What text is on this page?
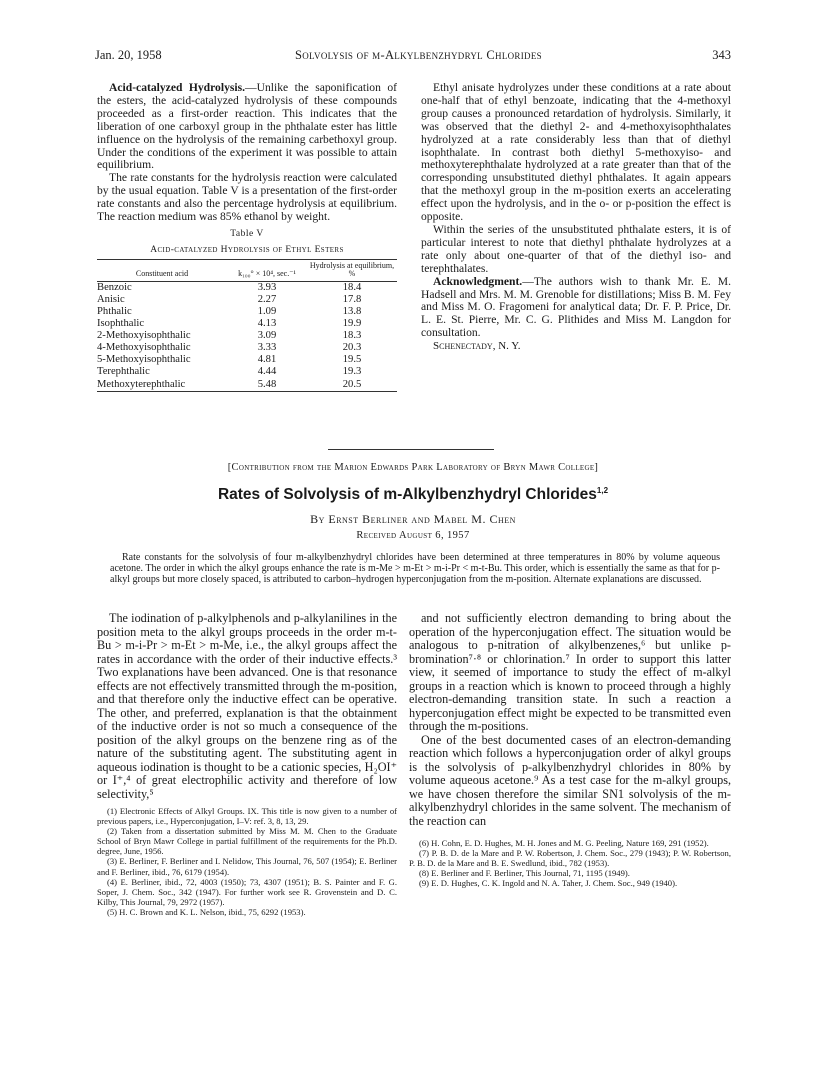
Jan. 20, 1958	Solvolysis of m-Alkylbenzhydryl Chlorides	343

Acid-catalyzed Hydrolysis.—Unlike the saponification of the esters, the acid-catalyzed hydrolysis of these compounds proceeded as a first-order reaction. This indicates that the liberation of one carboxyl group in the phthalate ester has little influence on the hydrolysis of the remaining carbethoxyl group. Under the conditions of the experiment it was possible to attain equilibrium.

The rate constants for the hydrolysis reaction were calculated by the usual equation. Table V is a presentation of the first-order rate constants and also the percentage hydrolysis at equilibrium. The reaction medium was 85% ethanol by weight.

Table V
Acid-catalyzed Hydrolysis of Ethyl Esters
Constituent acid	k₁₀₀° × 10⁴, sec.⁻¹	Hydrolysis at equilibrium, %
Benzoic	3.93	18.4
Anisic	2.27	17.8
Phthalic	1.09	13.8
Isophthalic	4.13	19.9
2-Methoxyisophthalic	3.09	18.3
4-Methoxyisophthalic	3.33	20.3
5-Methoxyisophthalic	4.81	19.5
Terephthalic	4.44	19.3
Methoxyterephthalic	5.48	20.5

Ethyl anisate hydrolyzes under these conditions at a rate about one-half that of ethyl benzoate, indicating that the 4-methoxyl group causes a pronounced retardation of hydrolysis. Similarly, it was observed that the diethyl 2- and 4-methoxyisophthalates hydrolyzed at a rate considerably less than that of diethyl isophthalate. In contrast both diethyl 5-methoxyiso- and methoxyterephthalate hydrolyzed at a rate greater than that of the corresponding unsubstituted diethyl phthalates. It again appears that the methoxyl group in the m-position exerts an accelerating effect upon the hydrolysis, and in the o- or p-position the effect is opposite.

Within the series of the unsubstituted phthalate esters, it is of particular interest to note that diethyl phthalate hydrolyzes at a rate only about one-quarter of that of the diethyl iso- and terephthalates.

Acknowledgment.—The authors wish to thank Mr. E. M. Hadsell and Mrs. M. M. Grenoble for distillations; Miss B. M. Fey and Miss M. O. Fragomeni for analytical data; Dr. F. P. Price, Dr. L. E. St. Pierre, Mr. C. G. Plithides and Miss M. Langdon for consultation.

Schenectady, N. Y.

[Contribution from the Marion Edwards Park Laboratory of Bryn Mawr College]
Rates of Solvolysis of m-Alkylbenzhydryl Chlorides$^{1,2}$
By Ernst Berliner and Mabel M. Chen
Received August 6, 1957
Rate constants for the solvolysis of four m-alkylbenzhydryl chlorides have been determined at three temperatures in 80% by volume aqueous acetone. The order in which the alkyl groups enhance the rate is m-Me > m-Et > m-i-Pr < m-t-Bu. This order, which is essentially the same as that for p-alkyl groups but more closely spaced, is attributed to carbon–hydrogen hyperconjugation from the m-position. Alternate explanations are discussed.

The iodination of p-alkylphenols and p-alkylanilines in the position meta to the alkyl groups proceeds in the order m-t-Bu > m-i-Pr > m-Et > m-Me, i.e., the alkyl groups affect the rates in accordance with the order of their inductive effects.³ Two explanations have been advanced. One is that resonance effects are not effectively transmitted through the m-position, and that therefore only the inductive effect can be operative. The other, and preferred, explanation is that the obtainment of the inductive order is not so much a consequence of the position of the alkyl groups on the benzene ring as of the nature of the substituting agent. The substituting agent in aqueous iodination is thought to be a cationic species, H₂OI⁺ or I⁺,⁴ of great electrophilic activity and therefore of low selectivity,⁵

(1) Electronic Effects of Alkyl Groups. IX. This title is now given to a number of previous papers, i.e., Hyperconjugation, I–V: ref. 3, 8, 13, 29.

(2) Taken from a dissertation submitted by Miss M. M. Chen to the Graduate School of Bryn Mawr College in partial fulfillment of the requirements for the Ph.D. degree, June, 1956.

(3) E. Berliner, F. Berliner and I. Nelidow, This Journal, 76, 507 (1954); E. Berliner and F. Berliner, ibid., 76, 6179 (1954).

(4) E. Berliner, ibid., 72, 4003 (1950); 73, 4307 (1951); B. S. Painter and F. G. Soper, J. Chem. Soc., 342 (1947). For further work see R. Grovenstein and D. C. Kilby, This Journal, 79, 2972 (1957).

(5) H. C. Brown and K. L. Nelson, ibid., 75, 6292 (1953).

and not sufficiently electron demanding to bring about the operation of the hyperconjugation effect. The situation would be analogous to p-nitration of alkylbenzenes,⁶ but unlike p-bromination⁷·⁸ or chlorination.⁷ In order to support this latter view, it seemed of importance to study the effect of m-alkyl groups in a reaction which is known to proceed through a highly electron-demanding transition state. In such a reaction a hyperconjugation effect might be expected to be transmitted even through the m-positions.

One of the best documented cases of an electron-demanding reaction which follows a hyperconjugation order of alkyl groups is the solvolysis of p-alkylbenzhydryl chlorides in 80% by volume aqueous acetone.⁹ As a test case for the m-alkyl groups, we have chosen therefore the similar SN1 solvolysis of the m-alkylbenzhydryl chlorides in the same solvent. The mechanism of the reaction can

(6) H. Cohn, E. D. Hughes, M. H. Jones and M. G. Peeling, Nature 169, 291 (1952).

(7) P. B. D. de la Mare and P. W. Robertson, J. Chem. Soc., 279 (1943); P. W. Robertson, P. B. D. de la Mare and B. E. Swedlund, ibid., 782 (1953).

(8) E. Berliner and F. Berliner, This Journal, 71, 1195 (1949).

(9) E. D. Hughes, C. K. Ingold and N. A. Taher, J. Chem. Soc., 949 (1940).
